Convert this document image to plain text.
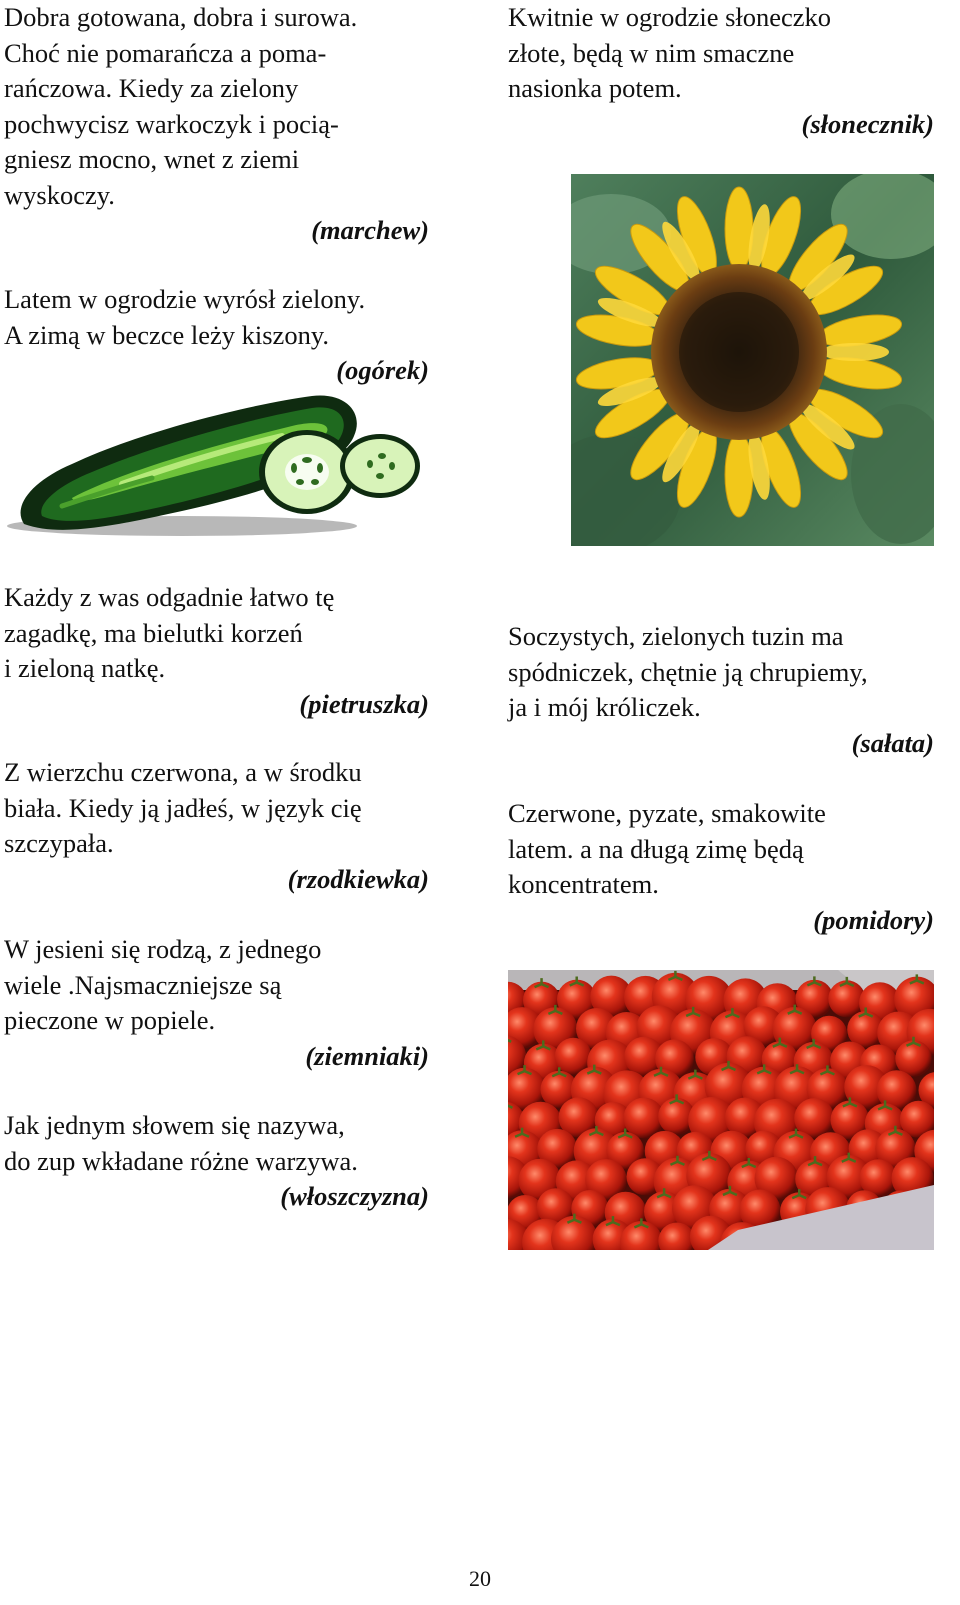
Dobra gotowana, dobra i surowa.
Choć nie pomarańcza a poma-
rańczowa. Kiedy za zielony
pochwycisz warkoczyk i pocią-
gniesz mocno, wnet z ziemi
wyskoczy.
(marchew)

Latem w ogrodzie wyrósł zielony.
A zimą w beczce leży kiszony.
(ogórek)

Każdy z was odgadnie łatwo tę
zagadkę, ma bielutki korzeń
i zieloną natkę.
(pietruszka)

Z wierzchu czerwona, a w środku
biała. Kiedy ją jadłeś, w język cię
szczypała.
(rzodkiewka)

W jesieni się rodzą, z jednego
wiele .Najsmaczniejsze są
pieczone w popiele.
(ziemniaki)

Jak jednym słowem się nazywa,
do zup wkładane różne warzywa.
(włoszczyzna)

Kwitnie w ogrodzie słoneczko
złote, będą w nim smaczne
nasionka potem.
(słonecznik)

Soczystych, zielonych tuzin ma
spódniczek, chętnie ją chrupiemy,
ja i mój króliczek.
(sałata)

Czerwone, pyzate, smakowite
latem. a na długą zimę będą
koncentratem.
(pomidory)

20
